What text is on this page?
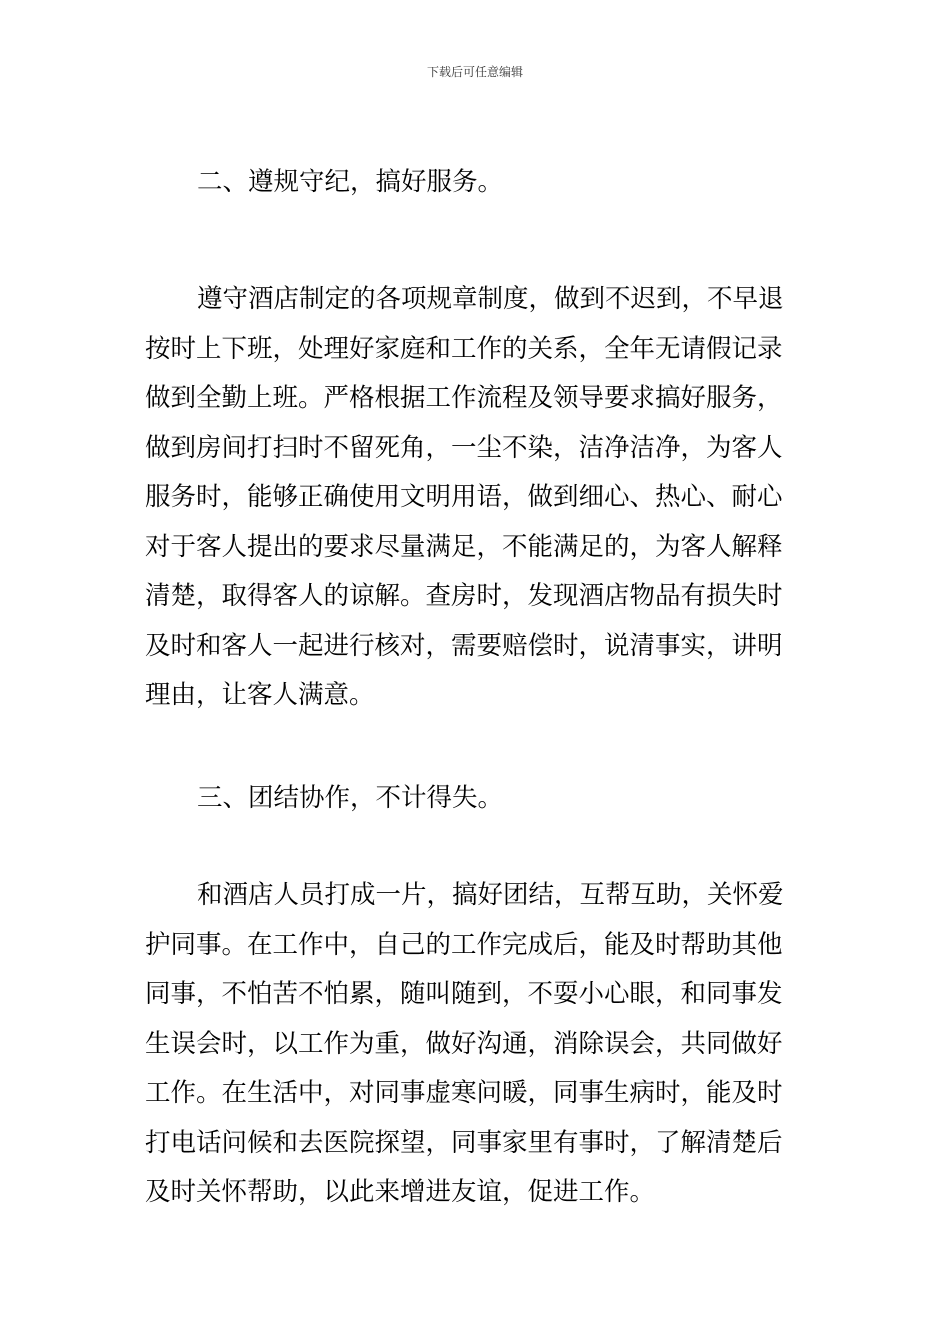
下载后可任意编辑
二、遵规守纪，搞好服务。
遵守酒店制定的各项规章制度，做到不迟到，不早退
按时上下班，处理好家庭和工作的关系，全年无请假记录
做到全勤上班。严格根据工作流程及领导要求搞好服务，
做到房间打扫时不留死角，一尘不染，洁净洁净，为客人
服务时，能够正确使用文明用语，做到细心、热心、耐心
对于客人提出的要求尽量满足，不能满足的，为客人解释
清楚，取得客人的谅解。查房时，发现酒店物品有损失时
及时和客人一起进行核对，需要赔偿时，说清事实，讲明
理由，让客人满意。
三、团结协作，不计得失。
和酒店人员打成一片，搞好团结，互帮互助，关怀爱
护同事。在工作中，自己的工作完成后，能及时帮助其他
同事，不怕苦不怕累，随叫随到，不耍小心眼，和同事发
生误会时，以工作为重，做好沟通，消除误会，共同做好
工作。在生活中，对同事虚寒问暖，同事生病时，能及时
打电话问候和去医院探望，同事家里有事时，了解清楚后
及时关怀帮助，以此来增进友谊，促进工作。
